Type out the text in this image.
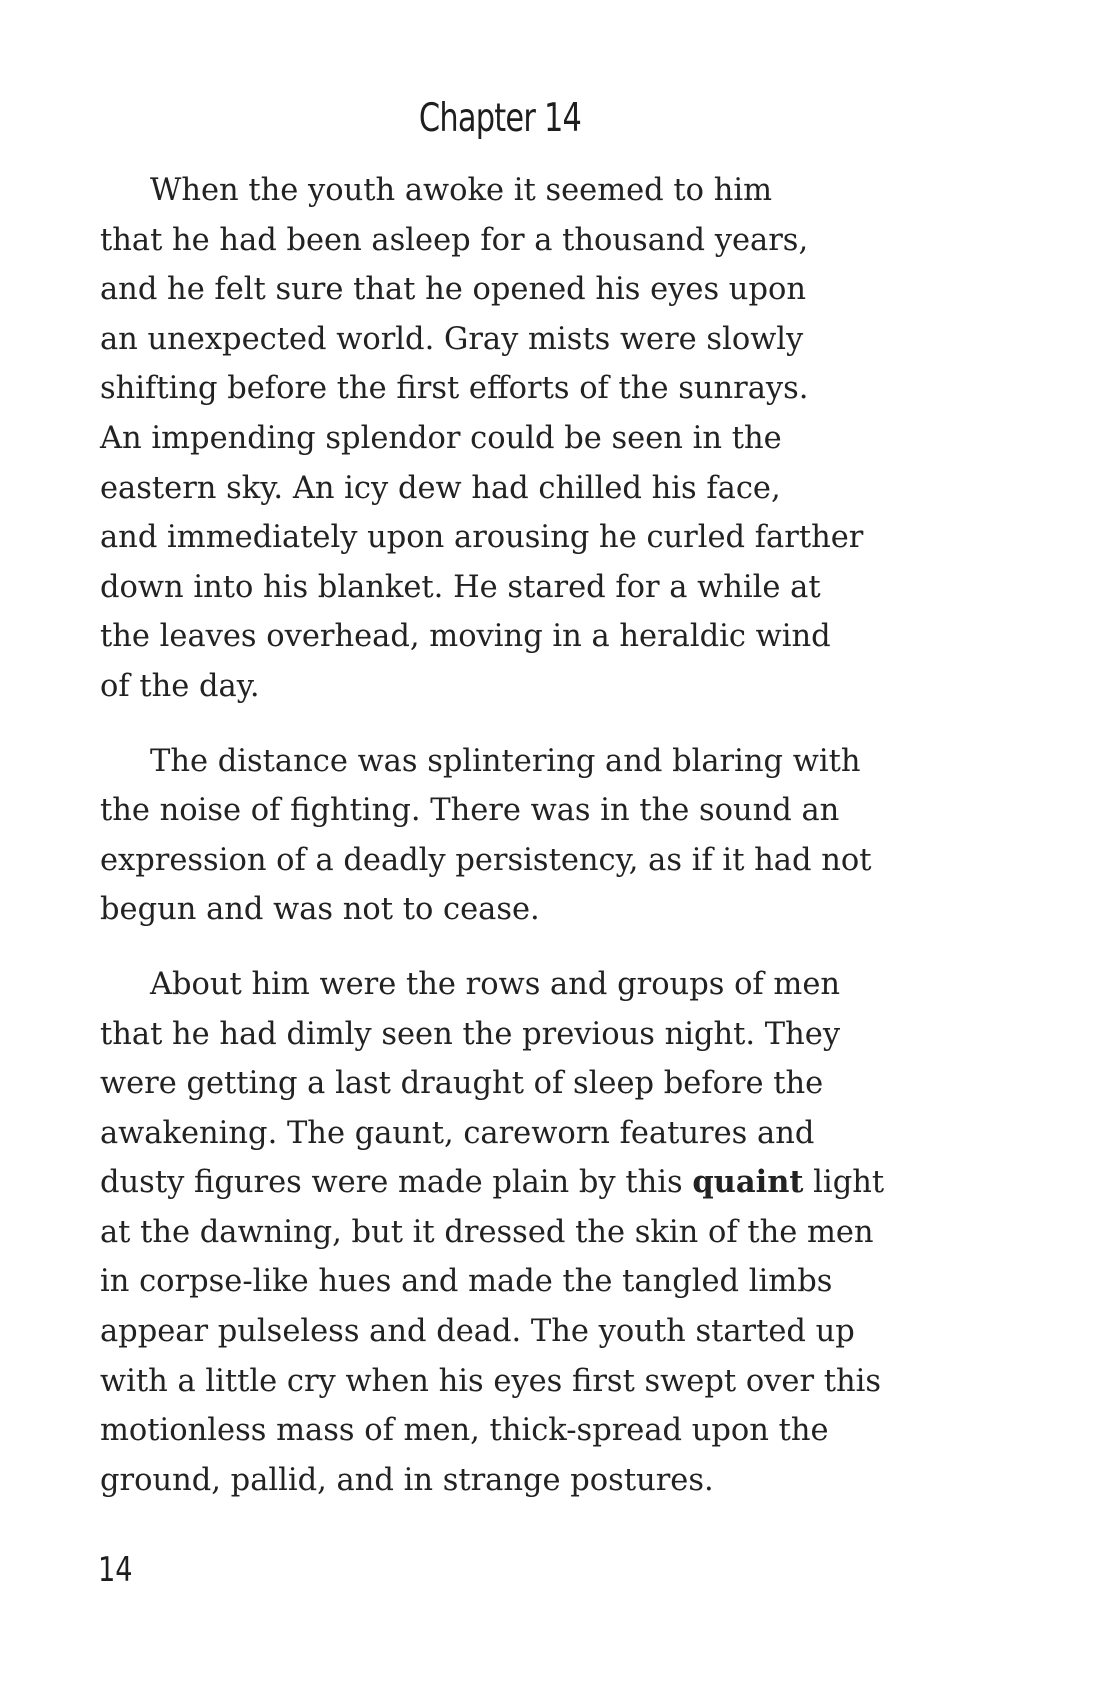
Chapter 14

When the youth awoke it seemed to him
that he had been asleep for a thousand years,
and he felt sure that he opened his eyes upon
an unexpected world. Gray mists were slowly
shifting before the first efforts of the sunrays.
An impending splendor could be seen in the
eastern sky. An icy dew had chilled his face,
and immediately upon arousing he curled farther
down into his blanket. He stared for a while at
the leaves overhead, moving in a heraldic wind
of the day.

The distance was splintering and blaring with
the noise of fighting. There was in the sound an
expression of a deadly persistency, as if it had not
begun and was not to cease.

About him were the rows and groups of men
that he had dimly seen the previous night. They
were getting a last draught of sleep before the
awakening. The gaunt, careworn features and
dusty figures were made plain by this quaint light
at the dawning, but it dressed the skin of the men
in corpse-like hues and made the tangled limbs
appear pulseless and dead. The youth started up
with a little cry when his eyes first swept over this
motionless mass of men, thick-spread upon the
ground, pallid, and in strange postures.

14
